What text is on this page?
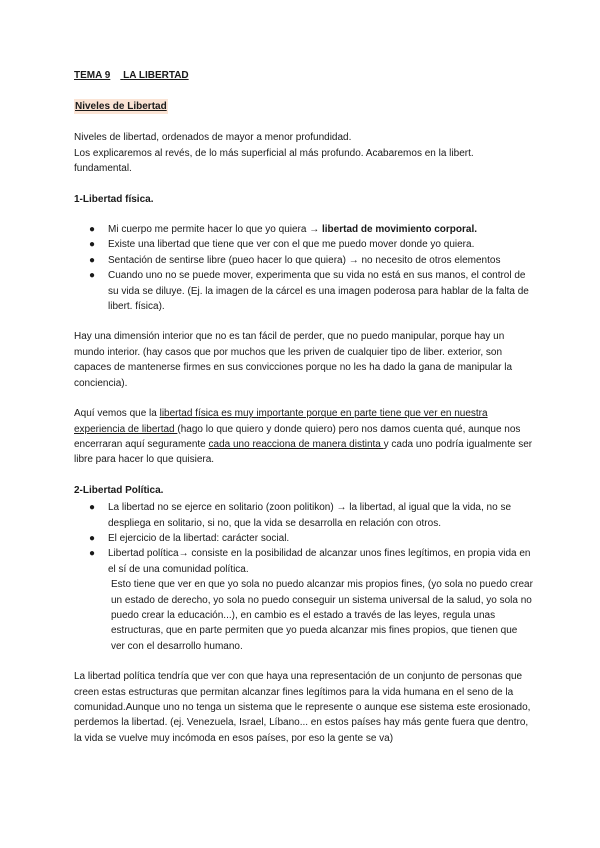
TEMA 9 LA LIBERTAD
Niveles de Libertad

Niveles de libertad, ordenados de mayor a menor profundidad.
Los explicaremos al revés, de lo más superficial al más profundo. Acabaremos en la libert. fundamental.

1-Libertad física.
● Mi cuerpo me permite hacer lo que yo quiera → libertad de movimiento corporal.
● Existe una libertad que tiene que ver con el que me puedo mover donde yo quiera.
● Sentación de sentirse libre (pueo hacer lo que quiera) → no necesito de otros elementos
● Cuando uno no se puede mover, experimenta que su vida no está en sus manos, el control de su vida se diluye. (Ej. la imagen de la cárcel es una imagen poderosa para hablar de la falta de libert. física).

Hay una dimensión interior que no es tan fácil de perder, que no puedo manipular, porque hay un mundo interior. (hay casos que por muchos que les priven de cualquier tipo de liber. exterior, son capaces de mantenerse firmes en sus convicciones porque no les ha dado la gana de manipular la conciencia).

Aquí vemos que la libertad física es muy importante porque en parte tiene que ver en nuestra experiencia de libertad (hago lo que quiero y donde quiero) pero nos damos cuenta qué, aunque nos encerraran aquí seguramente cada uno reacciona de manera distinta y cada uno podría igualmente ser libre para hacer lo que quisiera.

2-Libertad Política.
● La libertad no se ejerce en solitario (zoon politikon) → la libertad, al igual que la vida, no se despliega en solitario, si no, que la vida se desarrolla en relación con otros.
● El ejercicio de la libertad: carácter social.
● Libertad política→ consiste en la posibilidad de alcanzar unos fines legítimos, en propia vida en el sí de una comunidad política.

Esto tiene que ver en que yo sola no puedo alcanzar mis propios fines, (yo sola no puedo crear un estado de derecho, yo sola no puedo conseguir un sistema universal de la salud, yo sola no puedo crear la educación...), en cambio es el estado a través de las leyes, regula unas estructuras, que en parte permiten que yo pueda alcanzar mis fines propios, que tienen que ver con el desarrollo humano.

La libertad política tendría que ver con que haya una representación de un conjunto de personas que creen estas estructuras que permitan alcanzar fines legítimos para la vida humana en el seno de la comunidad.Aunque uno no tenga un sistema que le represente o aunque ese sistema este erosionado, perdemos la libertad. (ej. Venezuela, Israel, Líbano... en estos países hay más gente fuera que dentro, la vida se vuelve muy incómoda en esos países, por eso la gente se va)
